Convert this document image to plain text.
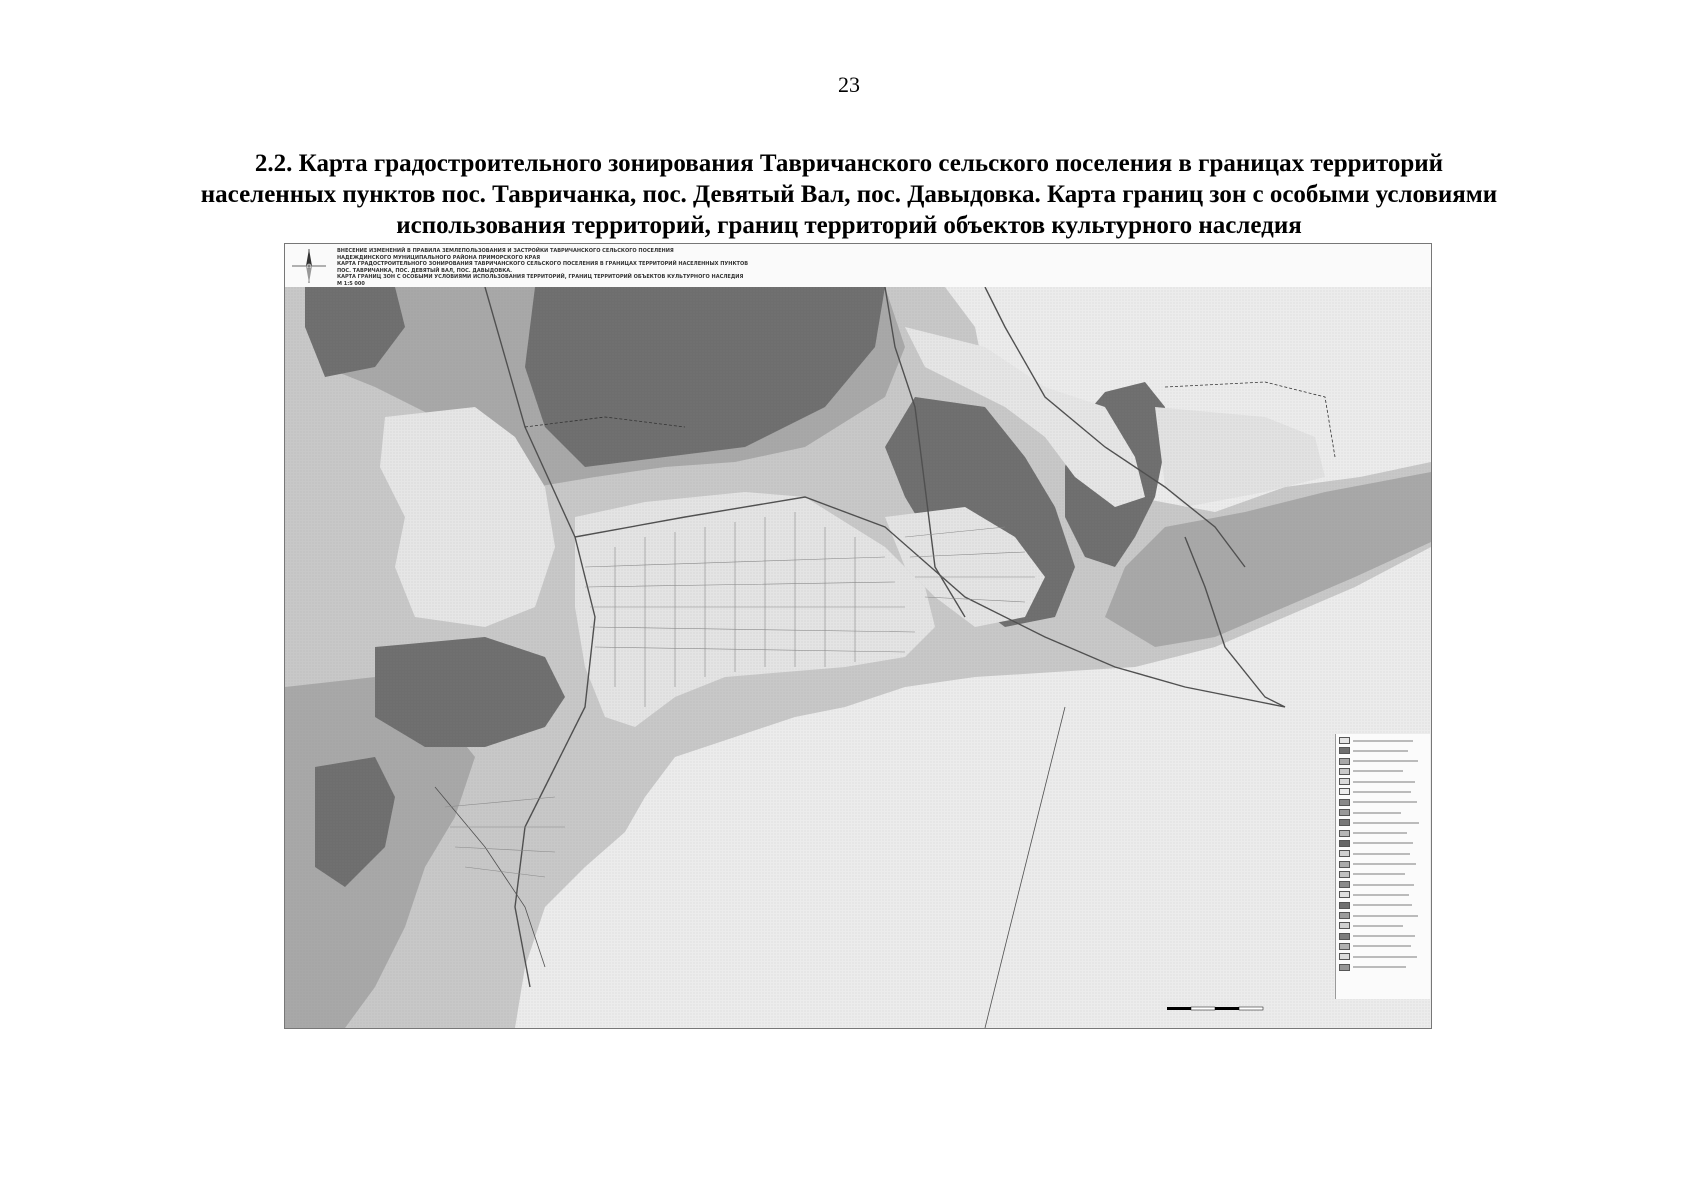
23
2.2. Карта градостроительного зонирования Тавричанского сельского поселения в границах территорий
населенных пунктов пос. Тавричанка, пос. Девятый Вал, пос. Давыдовка. Карта границ зон с особыми условиями
использования территорий, границ территорий объектов культурного наследия
ВНЕСЕНИЕ ИЗМЕНЕНИЙ В ПРАВИЛА ЗЕМЛЕПОЛЬЗОВАНИЯ И ЗАСТРОЙКИ ТАВРИЧАНСКОГО СЕЛЬСКОГО ПОСЕЛЕНИЯ
НАДЕЖДИНСКОГО МУНИЦИПАЛЬНОГО РАЙОНА ПРИМОРСКОГО КРАЯ
КАРТА ГРАДОСТРОИТЕЛЬНОГО ЗОНИРОВАНИЯ ТАВРИЧАНСКОГО СЕЛЬСКОГО ПОСЕЛЕНИЯ В ГРАНИЦАХ ТЕРРИТОРИЙ НАСЕЛЕННЫХ ПУНКТОВ
ПОС. ТАВРИЧАНКА, ПОС. ДЕВЯТЫЙ ВАЛ, ПОС. ДАВЫДОВКА.
КАРТА ГРАНИЦ ЗОН С ОСОБЫМИ УСЛОВИЯМИ ИСПОЛЬЗОВАНИЯ ТЕРРИТОРИЙ, ГРАНИЦ ТЕРРИТОРИЙ ОБЪЕКТОВ КУЛЬТУРНОГО НАСЛЕДИЯ
М 1:5 000
